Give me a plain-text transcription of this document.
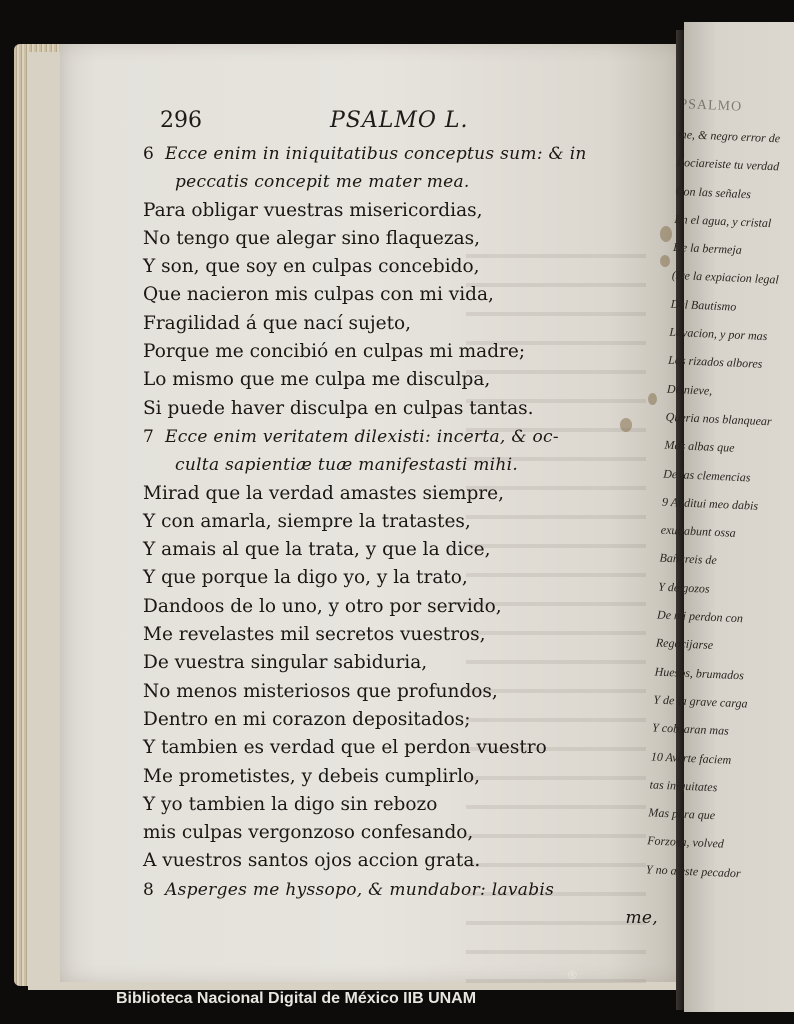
296	PSALMO L.
6 Ecce enim in iniquitatibus conceptus sum: & in
peccatis concepit me mater mea.
Para obligar vuestras misericordias,
No tengo que alegar sino flaquezas,
Y son, que soy en culpas concebido,
Que nacieron mis culpas con mi vida,
Fragilidad á que nací sujeto,
Porque me concibió en culpas mi madre;
Lo mismo que me culpa me disculpa,
Si puede haver disculpa en culpas tantas.
7 Ecce enim veritatem dilexisti: incerta, & oc-
culta sapientiæ tuæ manifestasti mihi.
Mirad que la verdad amastes siempre,
Y con amarla, siempre la tratastes,
Y amais al que la trata, y que la dice,
Y que porque la digo yo, y la trato,
Dandoos de lo uno, y otro por servido,
Me revelastes mil secretos vuestros,
De vuestra singular sabiduria,
No menos misteriosos que profundos,
Dentro en mi corazon depositados;
Y tambien es verdad que el perdon vuestro
Me prometistes, y debeis cumplirlo,
Y yo tambien la digo sin rebozo
mis culpas vergonzoso confesando,
A vuestros santos ojos accion grata.
8 Asperges me hyssopo, & mundabor: lavabis
me,
PSALMO
me, & negro error de
Rociareiste tu verdad
Con las señales
En el agua, y cristal
De la bermeja
(De la expiacion legal
Del Bautismo
Lavacion, y por mas
Los rizados albores
De nieve,
Queria nos blanquear
Mas albas que
De las clemencias
9 Auditui meo dabis
exultabunt ossa
Bañareis de
Y de gozos
De mi perdon con
Regocijarse
Huesos, brumados
Y de la grave carga
Y cobraran mas
10 Averte faciem
tas iniquitates
Mas para que
Forzosa, volved
Y no a este pecador
Biblioteca Nacional Digital de México IIB UNAM
®
